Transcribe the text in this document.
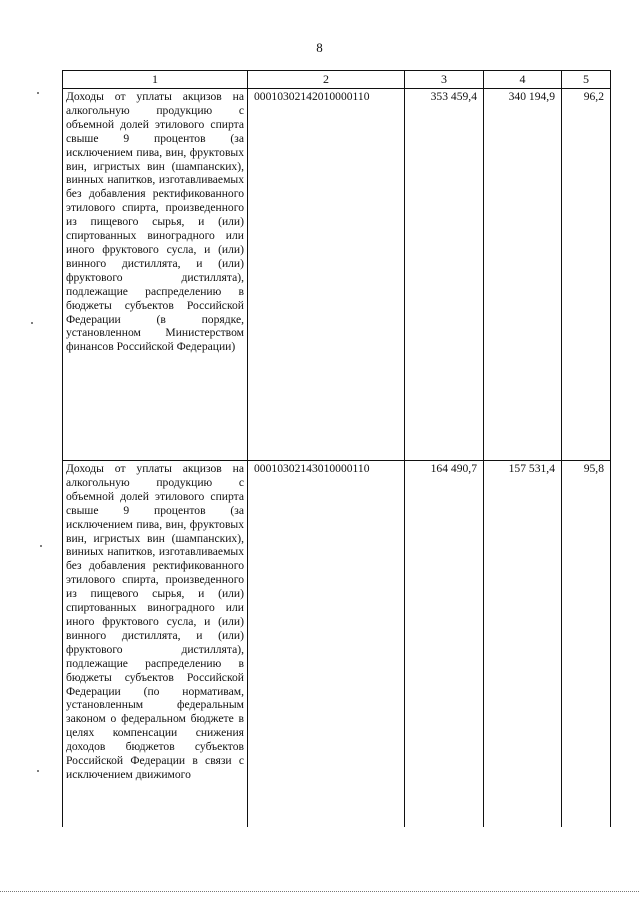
8
1	2	3	4	5
Доходы от уплаты акцизов на алкогольную продукцию с объемной долей этилового спирта свыше 9 процентов (за исключением пива, вин, фруктовых вин, игристых вин (шампанских), винных напитков, изготавливаемых без добавления ректификованного этилового спирта, произведенного из пищевого сырья, и (или) спиртованных виноградного или иного фруктового сусла, и (или) винного дистиллята, и (или) фруктового дистиллята), подлежащие распределению в бюджеты субъектов Российской Федерации (в порядке, установленном Министерством финансов Российской Федерации)	00010302142010000110	353 459,4	340 194,9	96,2
Доходы от уплаты акцизов на алкогольную продукцию с объемной долей этилового спирта свыше 9 процентов (за исключением пива, вин, фруктовых вин, игристых вин (шампанских), виниых напитков, изготавливаемых без добавления ректификованного этилового спирта, произведенного из пищевого сырья, и (или) спиртованных виноградного или иного фруктового сусла, и (или) винного дистиллята, и (или) фруктового дистиллята), подлежащие распределению в бюджеты субъектов Российской Федерации (по нормативам, установленным федеральным законом о федеральном бюджете в целях компенсации снижения доходов бюджетов субъектов Российской Федерации в связи с исключением движимого	00010302143010000110	164 490,7	157 531,4	95,8
